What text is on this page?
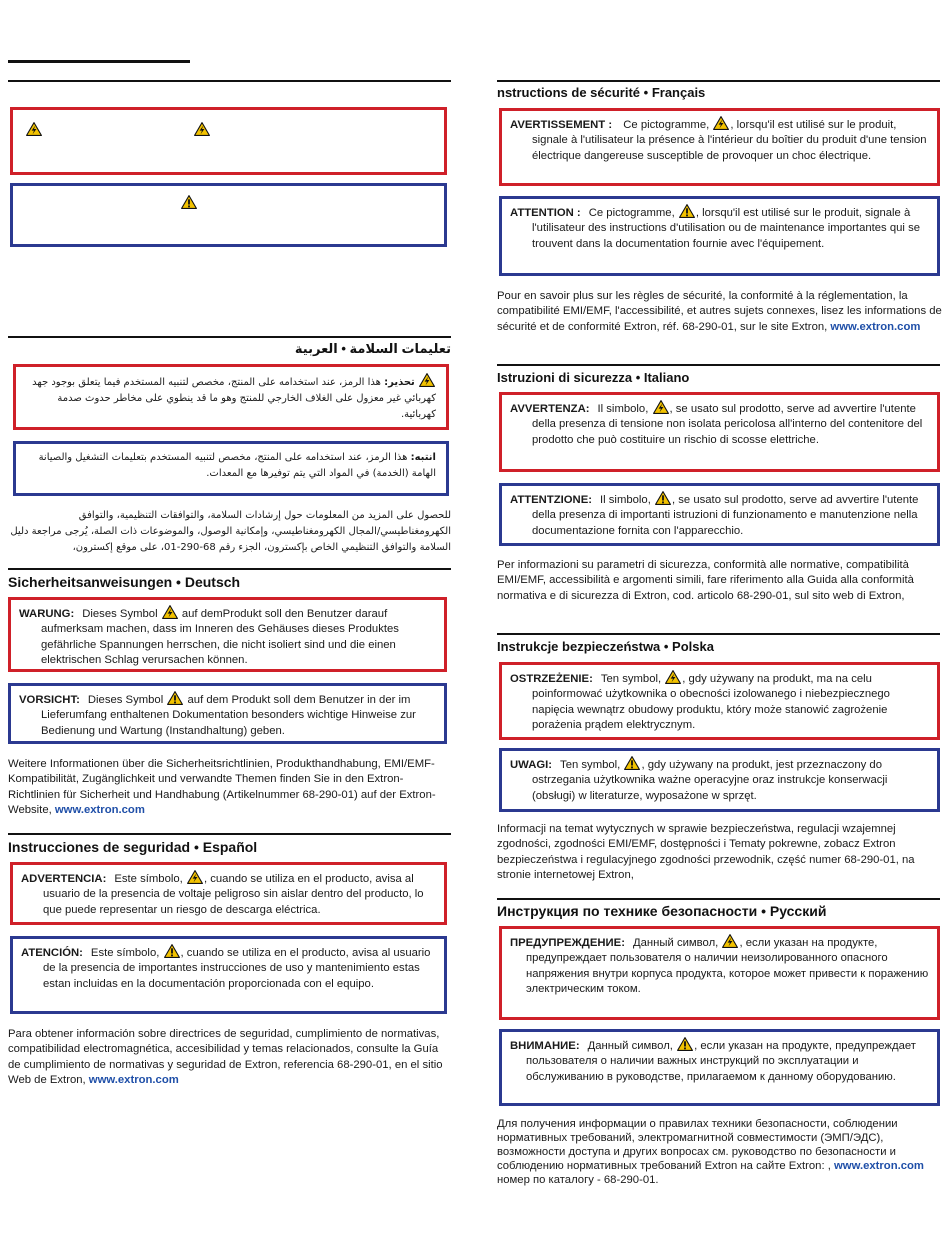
تعليمات السلامة • العربية

تحذير: هذا الرمز، عند استخدامه على المنتج، مخصص لتنبيه المستخدم فيما يتعلق بوجود جهد كهربائي غير معزول على الغلاف الخارجي للمنتج وهو ما قد ينطوي على مخاطر حدوث صدمة كهربائية.

انتبه: هذا الرمز، عند استخدامه على المنتج، مخصص لتنبيه المستخدم بتعليمات التشغيل والصيانة الهامة (الخدمة) في المواد التي يتم توفيرها مع المعدات.

للحصول على المزيد من المعلومات حول إرشادات السلامة، والتوافقات التنظيمية، والتوافق الكهرومغناطيسي/المجال الكهرومغناطيسي، وإمكانية الوصول، والموضوعات ذات الصلة، يُرجى مراجعة دليل السلامة والتوافق التنظيمي الخاص بإكسترون، الجزء رقم 68-290-01، على موقع إكسترون،

Sicherheitsanweisungen • Deutsch

WARUNG: Dieses Symbol auf demProdukt soll den Benutzer darauf aufmerksam machen, dass im Inneren des Gehäuses dieses Produktes gefährliche Spannungen herrschen, die nicht isoliert sind und die einen elektrischen Schlag verursachen können.

VORSICHT: Dieses Symbol auf dem Produkt soll dem Benutzer in der im Lieferumfang enthaltenen Dokumentation besonders wichtige Hinweise zur Bedienung und Wartung (Instandhaltung) geben.

Weitere Informationen über die Sicherheitsrichtlinien, Produkthandhabung, EMI/EMF-Kompatibilität, Zugänglichkeit und verwandte Themen finden Sie in den Extron-Richtlinien für Sicherheit und Handhabung (Artikelnummer 68-290-01) auf der Extron-Website, www.extron.com

Instrucciones de seguridad • Español

ADVERTENCIA: Este símbolo, , cuando se utiliza en el producto, avisa al usuario de la presencia de voltaje peligroso sin aislar dentro del producto, lo que puede representar un riesgo de descarga eléctrica.

ATENCIÓN: Este símbolo, , cuando se utiliza en el producto, avisa al usuario de la presencia de importantes instrucciones de uso y mantenimiento estas estan incluidas en la documentación proporcionada con el equipo.

Para obtener información sobre directrices de seguridad, cumplimiento de normativas, compatibilidad electromagnética, accesibilidad y temas relacionados, consulte la Guía de cumplimiento de normativas y seguridad de Extron, referencia 68-290-01, en el sitio Web de Extron, www.extron.com

nstructions de sécurité • Français

AVERTISSEMENT : Ce pictogramme, , lorsqu'il est utilisé sur le produit, signale à l'utilisateur la présence à l'intérieur du boîtier du produit d'une tension électrique dangereuse susceptible de provoquer un choc électrique.

ATTENTION : Ce pictogramme, , lorsqu'il est utilisé sur le produit, signale à l'utilisateur des instructions d'utilisation ou de maintenance importantes qui se trouvent dans la documentation fournie avec l'équipement.

Pour en savoir plus sur les règles de sécurité, la conformité à la réglementation, la compatibilité EMI/EMF, l'accessibilité, et autres sujets connexes, lisez les informations de sécurité et de conformité Extron, réf. 68-290-01, sur le site Extron, www.extron.com

Istruzioni di sicurezza • Italiano

AVVERTENZA: Il simbolo, , se usato sul prodotto, serve ad avvertire l'utente della presenza di tensione non isolata pericolosa all'interno del contenitore del prodotto che può costituire un rischio di scosse elettriche.

ATTENTZIONE: Il simbolo, , se usato sul prodotto, serve ad avvertire l'utente della presenza di importanti istruzioni di funzionamento e manutenzione nella documentazione fornita con l'apparecchio.

Per informazioni su parametri di sicurezza, conformità alle normative, compatibilità EMI/EMF, accessibilità e argomenti simili, fare riferimento alla Guida alla conformità normativa e di sicurezza di Extron, cod. articolo 68-290-01, sul sito web di Extron,

Instrukcje bezpieczeństwa • Polska

OSTRZEŻENIE: Ten symbol, , gdy używany na produkt, ma na celu poinformować użytkownika o obecności izolowanego i niebezpiecznego napięcia wewnątrz obudowy produktu, który może stanowić zagrożenie porażenia prądem elektrycznym.

UWAGI: Ten symbol, , gdy używany na produkt, jest przeznaczony do ostrzegania użytkownika ważne operacyjne oraz instrukcje konserwacji (obsługi) w literaturze, wyposażone w sprzęt.

Informacji na temat wytycznych w sprawie bezpieczeństwa, regulacji wzajemnej zgodności, zgodności EMI/EMF, dostępności i Tematy pokrewne, zobacz Extron bezpieczeństwa i regulacyjnego zgodności przewodnik, część numer 68-290-01, na stronie internetowej Extron,

Инструкция по технике безопасности • Русский

ПРЕДУПРЕЖДЕНИЕ: Данный символ, , если указан на продукте, предупреждает пользователя о наличии неизолированного опасного напряжения внутри корпуса продукта, которое может привести к поражению электрическим током.

ВНИМАНИЕ: Данный символ, , если указан на продукте, предупреждает пользователя о наличии важных инструкций по эксплуатации и обслуживанию в руководстве, прилагаемом к данному оборудованию.

Для получения информации о правилах техники безопасности, соблюдении нормативных требований, электромагнитной совместимости (ЭМП/ЭДС), возможности доступа и других вопросах см. руководство по безопасности и соблюдению нормативных требований Extron на сайте Extron: , www.extron.com
номер по каталогу - 68-290-01.
